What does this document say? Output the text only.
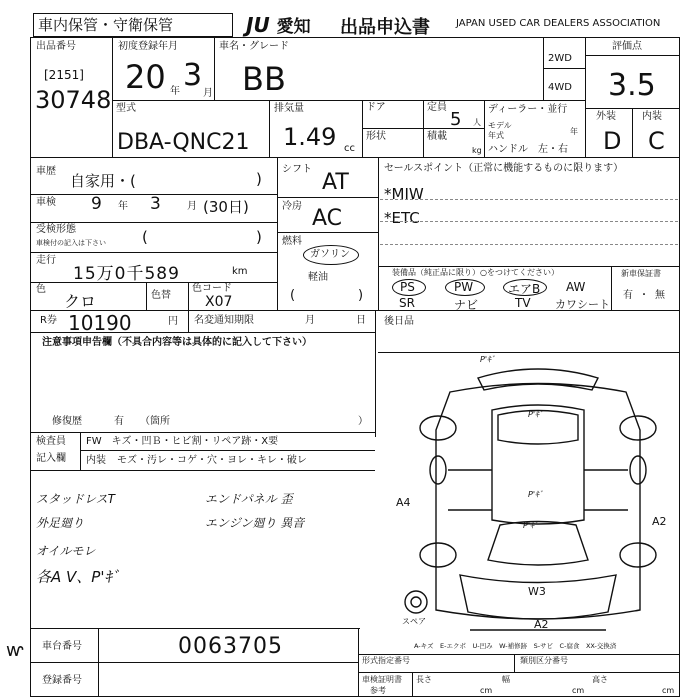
車内保管・守衛保管	JU 愛知 出品申込書	JAPAN USED CAR DEALERS ASSOCIATION
出品番号
[2151]
30748
初度登録年月
20 年 3
月
車名・グレード
BB
2WD
4WD
評価点
3.5
外装	内装
D C
型式
DBA-QNC21
排気量
1.49 cc
ドア
形状
定員
5 人
積載
kg
ディーラー・並行
モデル
年式	年
ハンドル　左・右
車歴
自家用・(	)
車検 9 年 3	月 (30日)
受検形態
車検付の記入は下さい (	)
走行
15万0千589	km
色
クロ	色替
色コード
X07
シフト
AT
冷房 AC
燃料
ガソリン
軽油
(	)
セールスポイント（正常に機能するものに限ります）
*MIW
*ETC
装備品（純正品に限り）○をつけてください）
PS	PW	エアB AW
SR	ナビ	TV カワシート
新車保証書
有 ・ 無
R券 10190	円 名変通知期限	月	日 後日品
注意事項申告欄（不具合内容等は具体的に記入して下さい）
修復歴	有 （箇所	）
検査員
記入欄
FW　キズ・凹Ｂ・ヒビ割・リペア跡・X要
内装 モズ・汚レ・コゲ・穴・ヨレ・キレ・破レ
スタッドレスT
外足廻り
オイルモレ
各A V、P'ｷﾞ
エンドパネル 歪
エンジン廻り 異音
P'ｷﾞ
P'ｷﾞ
P'ｷﾞ
P'ｷﾞ
A4
A2
W3
A2
スペア
A-キズ　E-エクボ　U-凹み　W-補修跡　S-サビ　C-腐食　XX-交換済
車台番号	0063705
登録番号
ⱳ	形式指定番号	類別区分番号
車検証明書
参考
長さ
cm
幅
cm
高さ
cm
